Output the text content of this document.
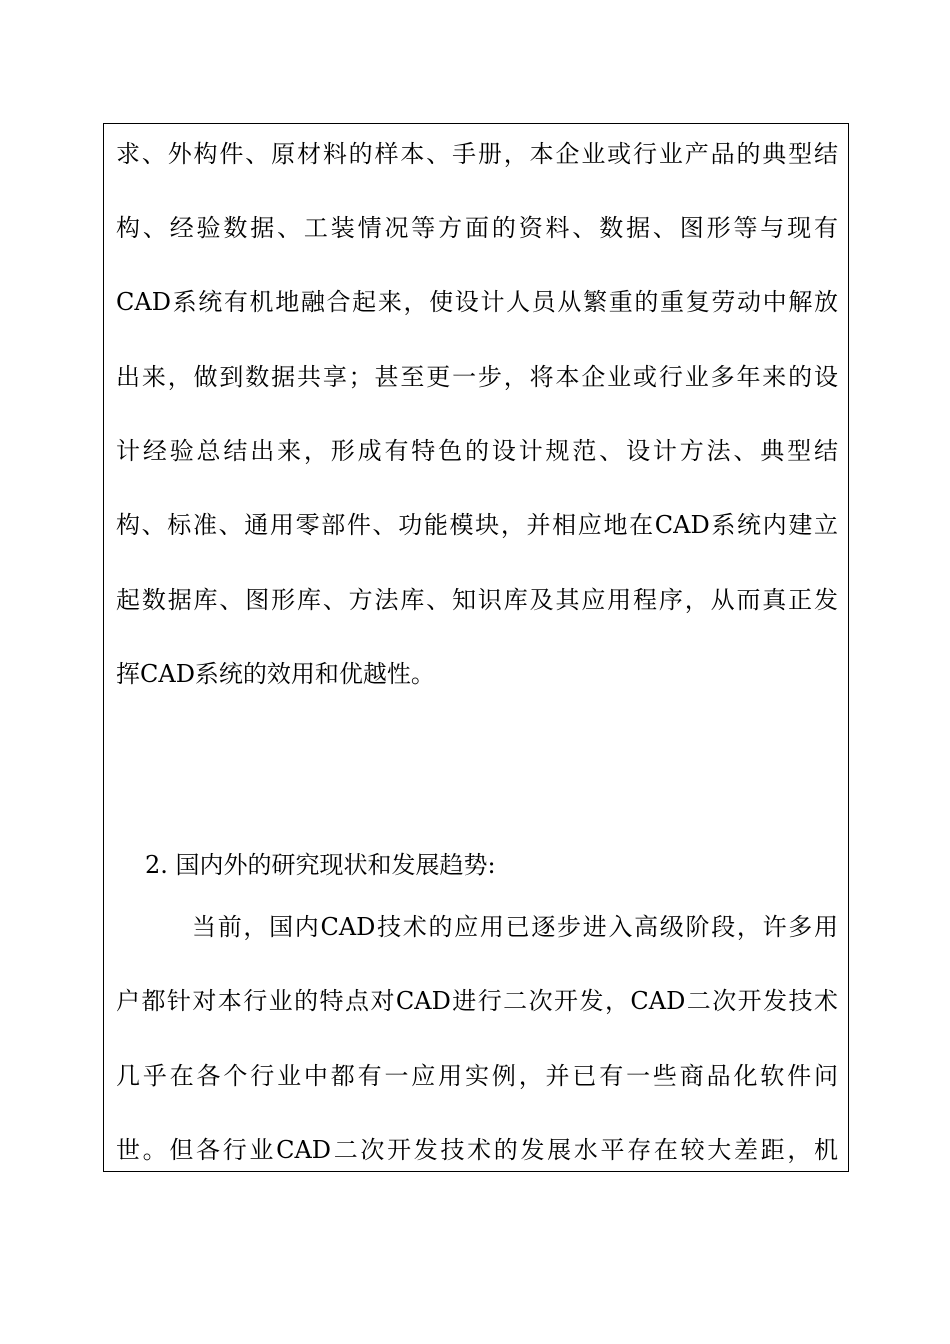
求、外构件、原材料的样本、手册，本企业或行业产品的典型结
构、经验数据、工装情况等方面的资料、数据、图形等与现有
CAD系统有机地融合起来，使设计人员从繁重的重复劳动中解放
出来，做到数据共享；甚至更一步，将本企业或行业多年来的设
计经验总结出来，形成有特色的设计规范、设计方法、典型结
构、标准、通用零部件、功能模块，并相应地在CAD系统内建立
起数据库、图形库、方法库、知识库及其应用程序，从而真正发
挥CAD系统的效用和优越性。
2. 国内外的研究现状和发展趋势:
当前，国内CAD技术的应用已逐步进入高级阶段，许多用
户都针对本行业的特点对CAD进行二次开发，CAD二次开发技术
几乎在各个行业中都有一应用实例，并已有一些商品化软件问
世。但各行业CAD二次开发技术的发展水平存在较大差距，机
